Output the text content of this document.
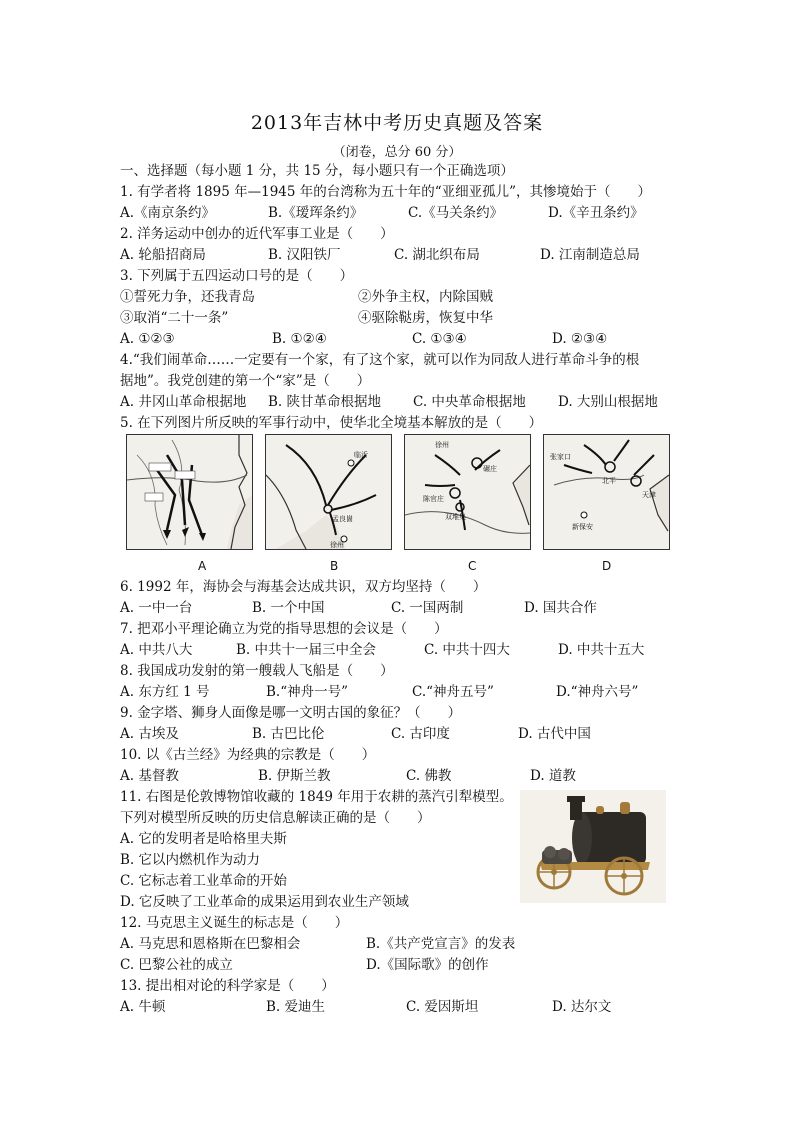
2013年吉林中考历史真题及答案
（闭卷，总分 60 分）
一、选择题（每小题 1 分，共 15 分，每小题只有一个正确选项）
1. 有学者将 1895 年—1945 年的台湾称为五十年的“亚细亚孤儿”，其惨境始于（　　）
A.《南京条约》	B.《瑷珲条约》	C.《马关条约》	D.《辛丑条约》
2. 洋务运动中创办的近代军事工业是（　　）
A. 轮船招商局	B. 汉阳铁厂	C. 湖北织布局	D. 江南制造总局
3. 下列属于五四运动口号的是（　　）
①誓死力争，还我青岛	②外争主权，内除国贼
③取消“二十一条”	④驱除鞑虏，恢复中华
A. ①②③	B. ①②④	C. ①③④	D. ②③④
4.“我们闹革命……一定要有一个家，有了这个家，就可以作为同敌人进行革命斗争的根
据地”。我党创建的第一个“家”是（　　）
A. 井冈山革命根据地 B. 陕甘革命根据地 C. 中央革命根据地 D. 大别山根据地
5. 在下列图片所反映的军事行动中，使华北全境基本解放的是（　　）
临沂
孟良崮
徐州
徐州
碾庄
陈官庄
双堆集
北平
天津
张家口
新保安
A	B	C	D
6. 1992 年，海协会与海基会达成共识，双方均坚持（　　）
A. 一中一台	B. 一个中国	C. 一国两制	D. 国共合作
7. 把邓小平理论确立为党的指导思想的会议是（　　）
A. 中共八大	B. 中共十一届三中全会	C. 中共十四大	D. 中共十五大
8. 我国成功发射的第一艘载人飞船是（　　）
A. 东方红 1 号	B.“神舟一号”	C.“神舟五号”	D.“神舟六号”
9. 金字塔、狮身人面像是哪一文明古国的象征？（　　）
A. 古埃及	B. 古巴比伦	C. 古印度	D. 古代中国
10. 以《古兰经》为经典的宗教是（　　）
A. 基督教	B. 伊斯兰教	C. 佛教	D. 道教
11. 右图是伦敦博物馆收藏的 1849 年用于农耕的蒸汽引犁模型。
下列对模型所反映的历史信息解读正确的是（　　）
A. 它的发明者是哈格里夫斯
B. 它以内燃机作为动力
C. 它标志着工业革命的开始
D. 它反映了工业革命的成果运用到农业生产领域
12. 马克思主义诞生的标志是（　　）
A. 马克思和恩格斯在巴黎相会	B.《共产党宣言》的发表
C. 巴黎公社的成立	D.《国际歌》的创作
13. 提出相对论的科学家是（　　）
A. 牛顿	B. 爱迪生	C. 爱因斯坦	D. 达尔文
